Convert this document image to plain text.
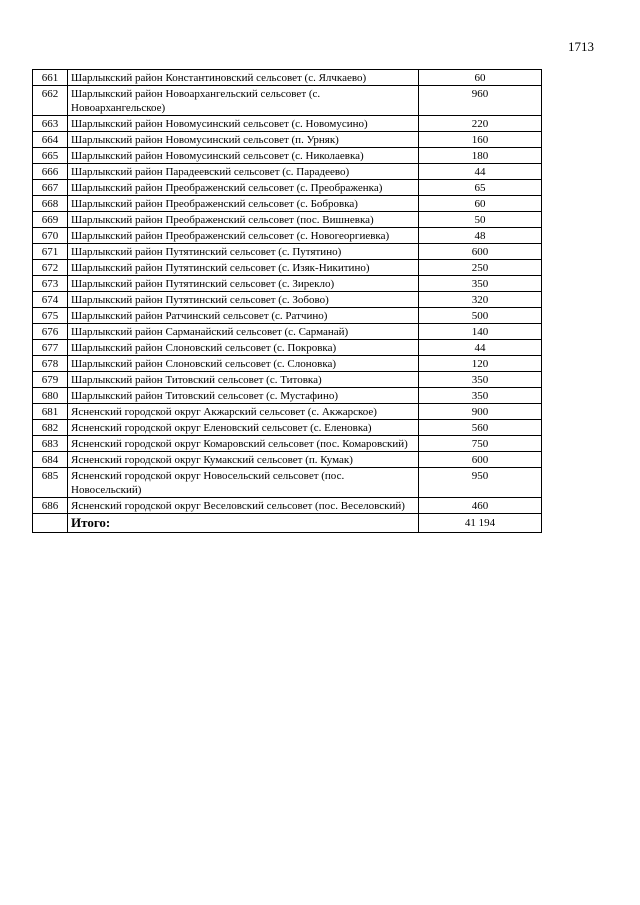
1713
661	Шарлыкский район Константиновский сельсовет (с. Ялчкаево)	60
662	Шарлыкский район Новоархангельский сельсовет (с. Новоархангельское)	960
663	Шарлыкский район Новомусинский сельсовет (с. Новомусино)	220
664	Шарлыкский район Новомусинский сельсовет (п. Урняк)	160
665	Шарлыкский район Новомусинский сельсовет (с. Николаевка)	180
666	Шарлыкский район Парадеевский сельсовет (с. Парадеево)	44
667	Шарлыкский район Преображенский сельсовет (с. Преображенка)	65
668	Шарлыкский район Преображенский сельсовет (с. Бобровка)	60
669	Шарлыкский район Преображенский сельсовет (пос. Вишневка)	50
670	Шарлыкский район Преображенский сельсовет (с. Новогеоргиевка)	48
671	Шарлыкский район Путятинский сельсовет (с. Путятино)	600
672	Шарлыкский район Путятинский сельсовет (с. Изяк-Никитино)	250
673	Шарлыкский район Путятинский сельсовет (с. Зирекло)	350
674	Шарлыкский район Путятинский сельсовет (с. Зобово)	320
675	Шарлыкский район Ратчинский сельсовет (с. Ратчино)	500
676	Шарлыкский район Сарманайский сельсовет (с. Сарманай)	140
677	Шарлыкский район Слоновский сельсовет (с. Покровка)	44
678	Шарлыкский район Слоновский сельсовет (с. Слоновка)	120
679	Шарлыкский район Титовский сельсовет (с. Титовка)	350
680	Шарлыкский район Титовский сельсовет (с. Мустафино)	350
681	Ясненский городской округ Акжарский сельсовет (с. Акжарское)	900
682	Ясненский городской округ Еленовский сельсовет (с. Еленовка)	560
683	Ясненский городской округ Комаровский сельсовет (пос. Комаровский)	750
684	Ясненский городской округ Кумакский сельсовет (п. Кумак)	600
685	Ясненский городской округ Новосельский сельсовет (пос. Новосельский)	950
686	Ясненский городской округ Веселовский сельсовет (пос. Веселовский)	460
	Итого:	41 194
